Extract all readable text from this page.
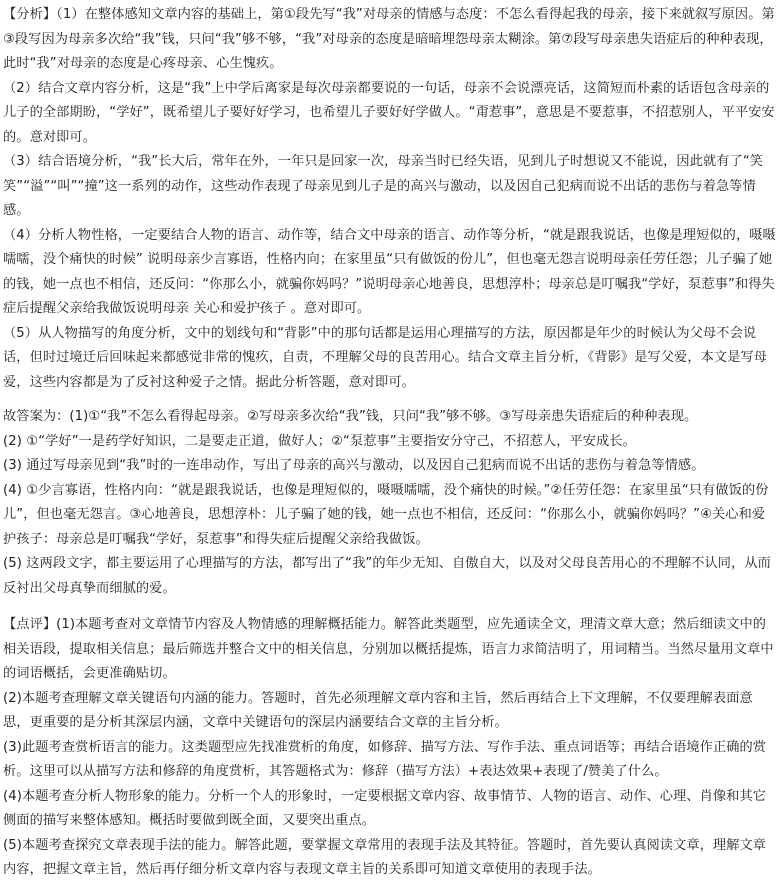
【分析】（1）在整体感知文章内容的基础上，第①段先写“我”对母亲的情感与态度：不怎么看得起我的母亲，接下来就叙写原因。第③段写因为母亲多次给“我”钱，只问“我”够不够，“我”对母亲的态度是暗暗埋怨母亲太糊涂。第⑦段写母亲患失语症后的种种表现，此时“我”对母亲的态度是心疼母亲、心生愧疚。

（2）结合文章内容分析，这是“我”上中学后离家是每次母亲都要说的一句话，母亲不会说漂亮话，这简短而朴素的话语包含母亲的儿子的全部期盼，“学好”，既希望儿子要好好学习，也希望儿子要好好学做人。“甭惹事”，意思是不要惹事，不招惹别人，平平安安的。意对即可。

（3）结合语境分析，“我”长大后，常年在外，一年只是回家一次，母亲当时已经失语，见到儿子时想说又不能说，因此就有了“笑笑”“溢”“叫”“撞”这一系列的动作，这些动作表现了母亲见到儿子是的高兴与激动，以及因自己犯病而说不出话的悲伤与着急等情感。

（4）分析人物性格，一定要结合人物的语言、动作等，结合文中母亲的语言、动作等分析，“就是跟我说话，也像是理短似的，嗫嗫嚅嚅，没个痛快的时候” 说明母亲少言寡语，性格内向；在家里虽“只有做饭的份儿”，但也毫无怨言说明母亲任劳任怨；儿子骗了她的钱，她一点也不相信，还反问：“你那么小，就骗你妈吗？”说明母亲心地善良，思想淳朴；母亲总是叮嘱我“学好，泵惹事”和得失症后提醒父亲给我做饭说明母亲 关心和爱护孩子 。意对即可。

（5）从人物描写的角度分析，文中的划线句和“背影”中的那句话都是运用心理描写的方法，原因都是年少的时候认为父母不会说话，但时过境迁后回味起来都感觉非常的愧疚，自责，不理解父母的良苦用心。结合文章主旨分析，《背影》是写父爱，本文是写母爱，这些内容都是为了反衬这种爱子之情。据此分析答题，意对即可。

故答案为：(1)①“我”不怎么看得起母亲。②写母亲多次给“我”钱，只问“我”够不够。③写母亲患失语症后的种种表现。

(2) ①“学好”一是药学好知识，二是要走正道，做好人；②“泵惹事”主要指安分守己，不招惹人，平安成长。

(3) 通过写母亲见到“我”时的一连串动作，写出了母亲的高兴与激动，以及因自己犯病而说不出话的悲伤与着急等情感。

(4) ①少言寡语，性格内向：“就是跟我说话，也像是理短似的，嗫嗫嚅嚅，没个痛快的时候。”②任劳任怨：在家里虽“只有做饭的份儿”，但也毫无怨言。③心地善良，思想淳朴：儿子骗了她的钱，她一点也不相信，还反问：“你那么小，就骗你妈吗？”④关心和爱护孩子：母亲总是叮嘱我“学好，泵惹事”和得失症后提醒父亲给我做饭。

(5) 这两段文字，都主要运用了心理描写的方法，都写出了“我”的年少无知、自傲自大，以及对父母良苦用心的不理解不认同，从而反衬出父母真挚而细腻的爱。

【点评】(1)本题考查对文章情节内容及人物情感的理解概括能力。解答此类题型，应先通读全文，理清文章大意；然后细读文中的相关语段，提取相关信息；最后筛选并整合文中的相关信息，分别加以概括提炼，语言力求简洁明了，用词精当。当然尽量用文章中的词语概括，会更准确贴切。

(2)本题考查理解文章关键语句内涵的能力。答题时，首先必须理解文章内容和主旨，然后再结合上下文理解，不仅要理解表面意思，更重要的是分析其深层内涵，文章中关键语句的深层内涵要结合文章的主旨分析。

(3)此题考查赏析语言的能力。这类题型应先找准赏析的角度，如修辞、描写方法、写作手法、重点词语等；再结合语境作正确的赏析。这里可以从描写方法和修辞的角度赏析，其答题格式为：修辞（描写方法）+表达效果+表现了/赞美了什么。

(4)本题考查分析人物形象的能力。分析一个人的形象时，一定要根据文章内容、故事情节、人物的语言、动作、心理、肖像和其它侧面的描写来整体感知。概括时要做到既全面，又要突出重点。

(5)本题考查探究文章表现手法的能力。解答此题，要掌握文章常用的表现手法及其特征。答题时，首先要认真阅读文章，理解文章内容，把握文章主旨，然后再仔细分析文章内容与表现文章主旨的关系即可知道文章使用的表现手法。
